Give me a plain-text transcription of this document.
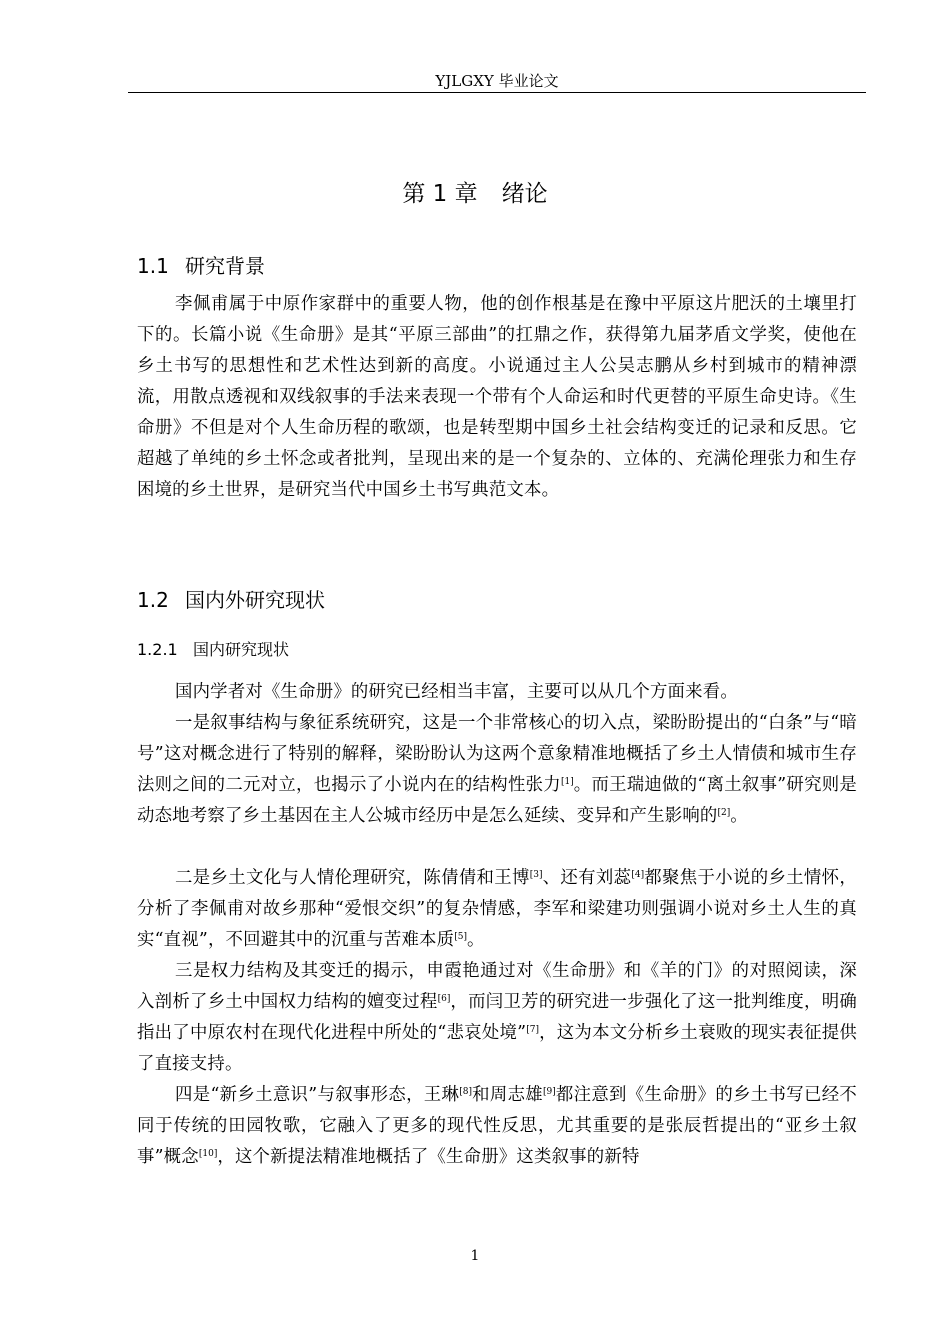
YJLGXY 毕业论文
第 1 章 绪论
1.1 研究背景

李佩甫属于中原作家群中的重要人物，他的创作根基是在豫中平原这片肥沃的土壤里打下的。长篇小说《生命册》是其“平原三部曲”的扛鼎之作，获得第九届茅盾文学奖，使他在乡土书写的思想性和艺术性达到新的高度。小说通过主人公吴志鹏从乡村到城市的精神漂流，用散点透视和双线叙事的手法来表现一个带有个人命运和时代更替的平原生命史诗。《生命册》不但是对个人生命历程的歌颂，也是转型期中国乡土社会结构变迁的记录和反思。它超越了单纯的乡土怀念或者批判，呈现出来的是一个复杂的、立体的、充满伦理张力和生存困境的乡土世界，是研究当代中国乡土书写典范文本。

1.2 国内外研究现状
1.2.1 国内研究现状

国内学者对《生命册》的研究已经相当丰富，主要可以从几个方面来看。

一是叙事结构与象征系统研究，这是一个非常核心的切入点，梁盼盼提出的“白条”与“暗号”这对概念进行了特别的解释，梁盼盼认为这两个意象精准地概括了乡土人情债和城市生存法则之间的二元对立，也揭示了小说内在的结构性张力[1]。而王瑞迪做的“离土叙事”研究则是动态地考察了乡土基因在主人公城市经历中是怎么延续、变异和产生影响的[2]。

二是乡土文化与人情伦理研究，陈倩倩和王博[3]、还有刘蕊[4]都聚焦于小说的乡土情怀，分析了李佩甫对故乡那种“爱恨交织”的复杂情感，李军和梁建功则强调小说对乡土人生的真实“直视”，不回避其中的沉重与苦难本质[5]。

三是权力结构及其变迁的揭示，申霞艳通过对《生命册》和《羊的门》的对照阅读，深入剖析了乡土中国权力结构的嬗变过程[6]，而闫卫芳的研究进一步强化了这一批判维度，明确指出了中原农村在现代化进程中所处的“悲哀处境”[7]，这为本文分析乡土衰败的现实表征提供了直接支持。

四是“新乡土意识”与叙事形态，王琳[8]和周志雄[9]都注意到《生命册》的乡土书写已经不同于传统的田园牧歌，它融入了更多的现代性反思，尤其重要的是张辰哲提出的“亚乡土叙事”概念[10]，这个新提法精准地概括了《生命册》这类叙事的新特

1
